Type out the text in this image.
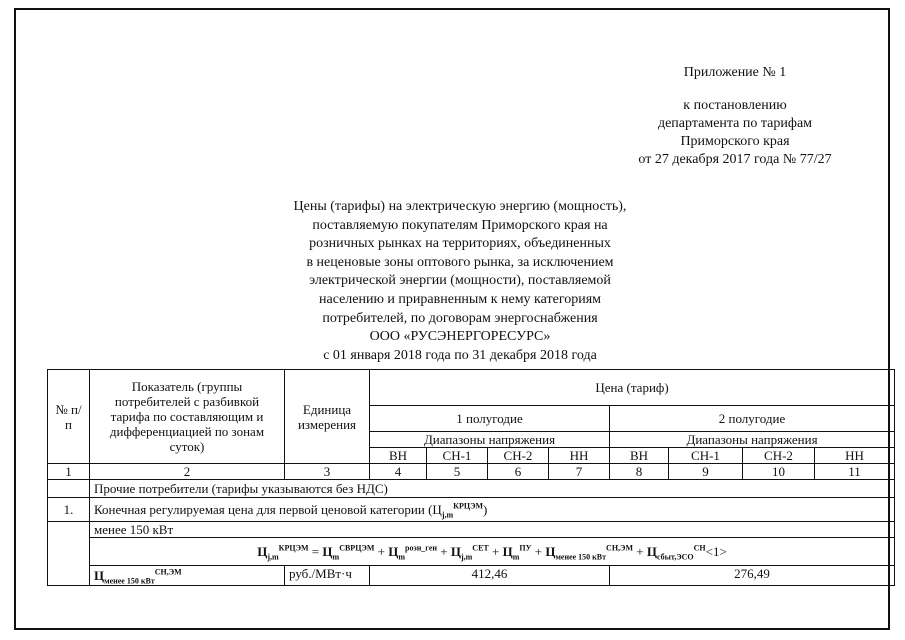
Приложение № 1
к постановлению
департамента по тарифам
Приморского края
от 27 декабря 2017 года № 77/27
Цены (тарифы) на электрическую энергию (мощность),
поставляемую покупателям Приморского края на
розничных рынках на территориях, объединенных
в неценовые зоны оптового рынка, за исключением
электрической энергии (мощности), поставляемой
населению и приравненным к нему категориям
потребителей, по договорам энергоснабжения
ООО «РУСЭНЕРГОРЕСУРС»
с 01 января 2018 года по 31 декабря 2018 года
№ п/п	Показатель (группы потребителей с разбивкой тарифа по составляющим и дифференциацией по зонам суток)	Единица измерения	Цена (тариф)							
			1 полугодие				2 полугодие			
			Диапазоны напряжения				Диапазоны напряжения			
			ВН	СН-1	СН-2	НН	ВН	СН-1	СН-2	НН
1	2	3	4	5	6	7	8	9	10	11
	Прочие потребители (тарифы указываются без НДС)									
1.	Конечная регулируемая цена для первой ценовой категории $(Ц_{j,m}^{КРЦЭМ})$									
	менее 150 кВт									
	$Ц_{j,m}^{КРЦЭМ} = Ц_m^{СВРЦЭМ} + Ц_m^{розн\_ген} + Ц_{j,m}^{СЕТ} + Ц_m^{ПУ} + Ц_{менее 150 кВт}^{СН,ЭМ} + Ц_{сбыт,ЭСО}^{СН}<1>$									
	$Ц_{менее 150 кВт}^{СН,ЭМ}$	руб./МВт·ч	412,46				276,49			
